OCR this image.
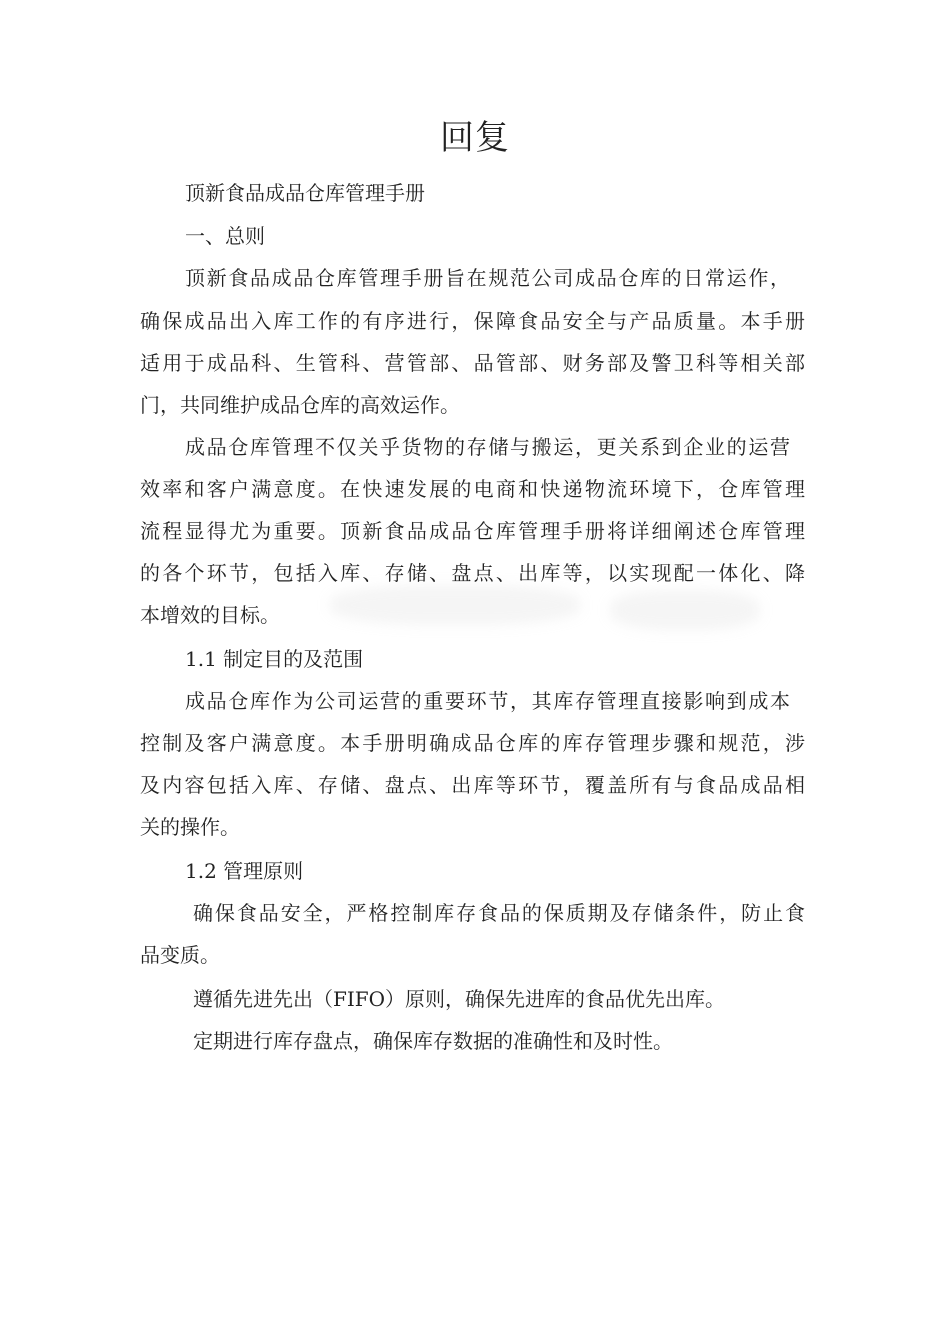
回复

顶新食品成品仓库管理手册

一、总则

顶新食品成品仓库管理手册旨在规范公司成品仓库的日常运作，

确保成品出入库工作的有序进行，保障食品安全与产品质量。本手册

适用于成品科、生管科、营管部、品管部、财务部及警卫科等相关部

门，共同维护成品仓库的高效运作。

成品仓库管理不仅关乎货物的存储与搬运，更关系到企业的运营

效率和客户满意度。在快速发展的电商和快递物流环境下，仓库管理

流程显得尤为重要。顶新食品成品仓库管理手册将详细阐述仓库管理

的各个环节，包括入库、存储、盘点、出库等，以实现配一体化、降

本增效的目标。

1.1 制定目的及范围

成品仓库作为公司运营的重要环节，其库存管理直接影响到成本

控制及客户满意度。本手册明确成品仓库的库存管理步骤和规范，涉

及内容包括入库、存储、盘点、出库等环节，覆盖所有与食品成品相

关的操作。

1.2 管理原则

确保食品安全，严格控制库存食品的保质期及存储条件，防止食

品变质。

遵循先进先出（FIFO）原则，确保先进库的食品优先出库。

定期进行库存盘点，确保库存数据的准确性和及时性。
